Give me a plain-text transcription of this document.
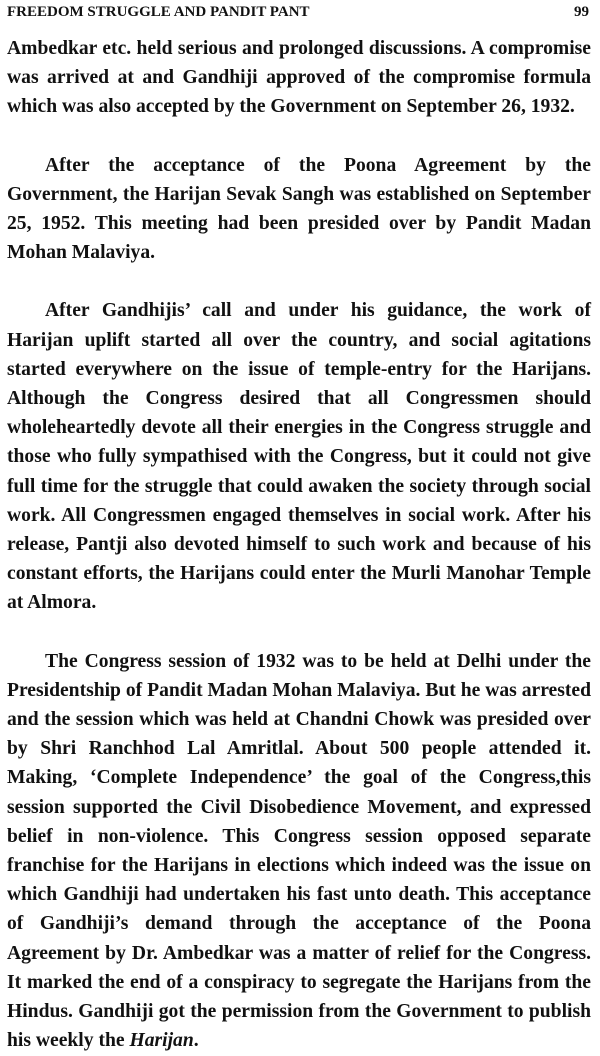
FREEDOM STRUGGLE AND PANDIT PANT	99

Ambedkar etc. held serious and prolonged discussions. A compromise was arrived at and Gandhiji approved of the compromise formula which was also accepted by the Government on September 26, 1932.

After the acceptance of the Poona Agreement by the Government, the Harijan Sevak Sangh was established on September 25, 1952. This meeting had been presided over by Pandit Madan Mohan Malaviya.

After Gandhijis’ call and under his guidance, the work of Harijan uplift started all over the country, and social agitations started everywhere on the issue of temple-entry for the Harijans. Although the Congress desired that all Congressmen should wholeheartedly devote all their energies in the Congress struggle and those who fully sympathised with the Congress, but it could not give full time for the struggle that could awaken the society through social work. All Congressmen engaged themselves in social work. After his release, Pantji also devoted himself to such work and because of his constant efforts, the Harijans could enter the Murli Manohar Temple at Almora.

The Congress session of 1932 was to be held at Delhi under the Presidentship of Pandit Madan Mohan Malaviya. But he was arrested and the session which was held at Chandni Chowk was presided over by Shri Ranchhod Lal Amritlal. About 500 people attended it. Making, ‘Complete Independence’ the goal of the Congress,this session supported the Civil Disobedience Movement, and expressed belief in non-violence. This Congress session opposed separate franchise for the Harijans in elections which indeed was the issue on which Gandhiji had undertaken his fast unto death. This acceptance of Gandhiji’s demand through the acceptance of the Poona Agreement by Dr. Ambedkar was a matter of relief for the Congress. It marked the end of a conspiracy to segregate the Harijans from the Hindus. Gandhiji got the permission from the Government to publish his weekly the Harijan.
